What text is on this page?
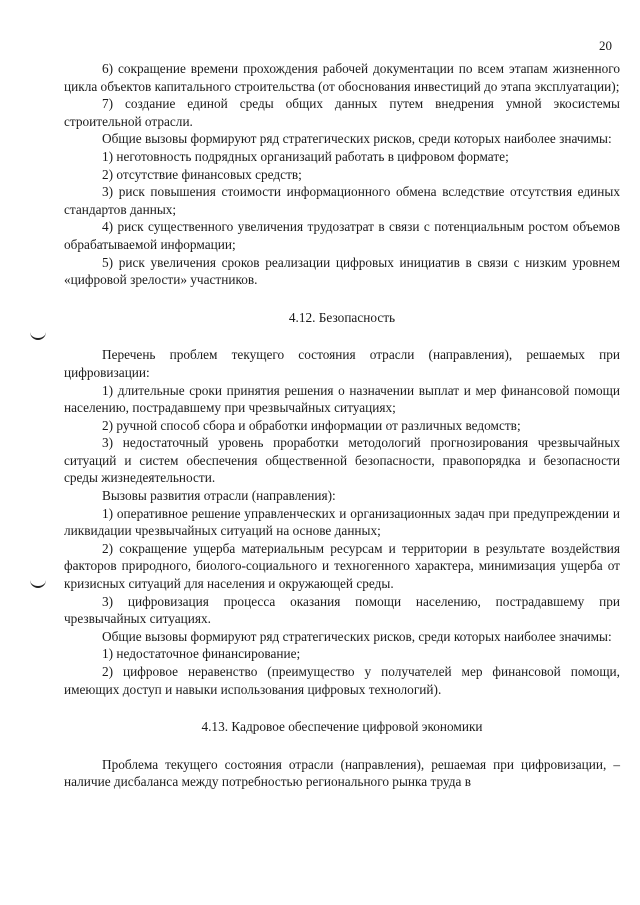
20

6) сокращение времени прохождения рабочей документации по всем этапам жизненного цикла объектов капитального строительства (от обоснования инвестиций до этапа эксплуатации);

7) создание единой среды общих данных путем внедрения умной экосистемы строительной отрасли.

Общие вызовы формируют ряд стратегических рисков, среди которых наиболее значимы:

1) неготовность подрядных организаций работать в цифровом формате;

2) отсутствие финансовых средств;

3) риск повышения стоимости информационного обмена вследствие отсутствия единых стандартов данных;

4) риск существенного увеличения трудозатрат в связи с потенциальным ростом объемов обрабатываемой информации;

5) риск увеличения сроков реализации цифровых инициатив в связи с низким уровнем «цифровой зрелости» участников.

4.12. Безопасность

Перечень проблем текущего состояния отрасли (направления), решаемых при цифровизации:

1) длительные сроки принятия решения о назначении выплат и мер финансовой помощи населению, пострадавшему при чрезвычайных ситуациях;

2) ручной способ сбора и обработки информации от различных ведомств;

3) недостаточный уровень проработки методологий прогнозирования чрезвычайных ситуаций и систем обеспечения общественной безопасности, правопорядка и безопасности среды жизнедеятельности.

Вызовы развития отрасли (направления):

1) оперативное решение управленческих и организационных задач при предупреждении и ликвидации чрезвычайных ситуаций на основе данных;

2) сокращение ущерба материальным ресурсам и территории в результате воздействия факторов природного, биолого-социального и техногенного характера, минимизация ущерба от кризисных ситуаций для населения и окружающей среды.

3) цифровизация процесса оказания помощи населению, пострадавшему при чрезвычайных ситуациях.

Общие вызовы формируют ряд стратегических рисков, среди которых наиболее значимы:

1) недостаточное финансирование;

2) цифровое неравенство (преимущество у получателей мер финансовой помощи, имеющих доступ и навыки использования цифровых технологий).

4.13. Кадровое обеспечение цифровой экономики

Проблема текущего состояния отрасли (направления), решаемая при цифровизации, – наличие дисбаланса между потребностью регионального рынка труда в
